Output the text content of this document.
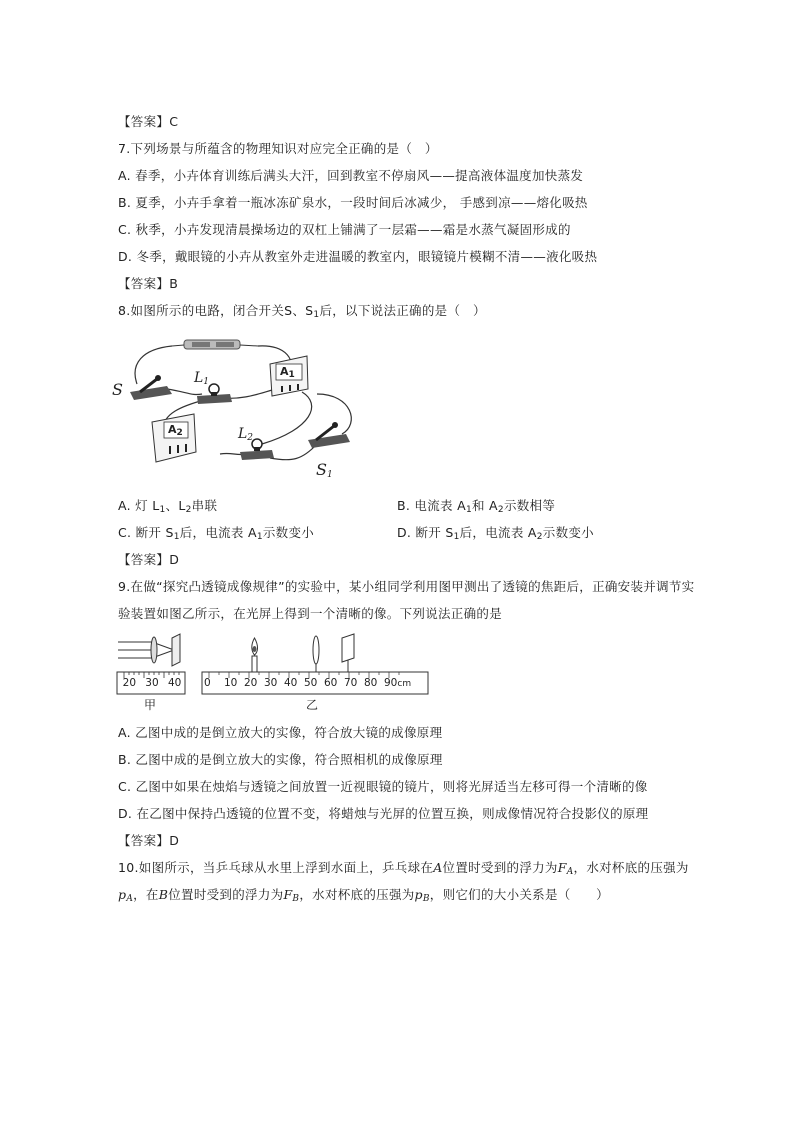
【答案】C
7.下列场景与所蕴含的物理知识对应完全正确的是（　）
A. 春季，小卉体育训练后满头大汗，回到教室不停扇风——提高液体温度加快蒸发
B. 夏季，小卉手拿着一瓶冰冻矿泉水，一段时间后冰减少， 手感到凉——熔化吸热
C. 秋季，小卉发现清晨操场边的双杠上铺满了一层霜——霜是水蒸气凝固形成的
D. 冬季，戴眼镜的小卉从教室外走进温暖的教室内，眼镜镜片模糊不清——液化吸热
【答案】B
8.如图所示的电路，闭合开关S、$S_1$后，以下说法正确的是（　）
S
$L_1$
$L_2$
$S_1$
$A_1$
$A_2$
A. 灯 $L_1$、$L_2$串联	B. 电流表 $A_1$和 $A_2$示数相等
C. 断开 $S_1$后，电流表 $A_1$示数变小	D. 断开 $S_1$后，电流表 $A_2$示数变小
【答案】D
9.在做“探究凸透镜成像规律”的实验中，某小组同学利用图甲测出了透镜的焦距后，正确安装并调节实
验装置如图乙所示，在光屏上得到一个清晰的像。下列说法正确的是
20 30 40
甲
0 10 20 30 40 50 60 70 80 90cm
乙
A. 乙图中成的是倒立放大的实像，符合放大镜的成像原理
B. 乙图中成的是倒立放大的实像，符合照相机的成像原理
C. 乙图中如果在烛焰与透镜之间放置一近视眼镜的镜片，则将光屏适当左移可得一个清晰的像
D. 在乙图中保持凸透镜的位置不变，将蜡烛与光屏的位置互换，则成像情况符合投影仪的原理
【答案】D
10.如图所示，当乒乓球从水里上浮到水面上，乒乓球在A位置时受到的浮力为$F_A$，水对杯底的压强为
$p_A$，在B位置时受到的浮力为$F_B$，水对杯底的压强为$p_B$，则它们的大小关系是（　　）
